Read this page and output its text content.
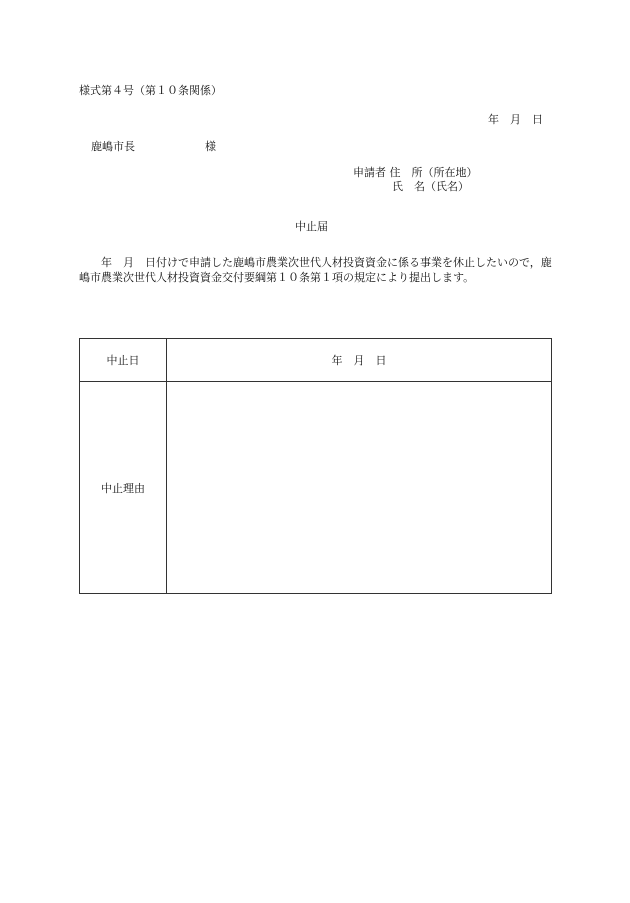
様式第４号（第１０条関係）
年　月　日
鹿嶋市長	様
申請者 住　所（所在地）
氏　名（氏名）
中止届
年　月　日付けで申請した鹿嶋市農業次世代人材投資資金に係る事業を休止したいので，鹿嶋市農業次世代人材投資資金交付要綱第１０条第１項の規定により提出します。
中止日	年　月　日
中止理由	
